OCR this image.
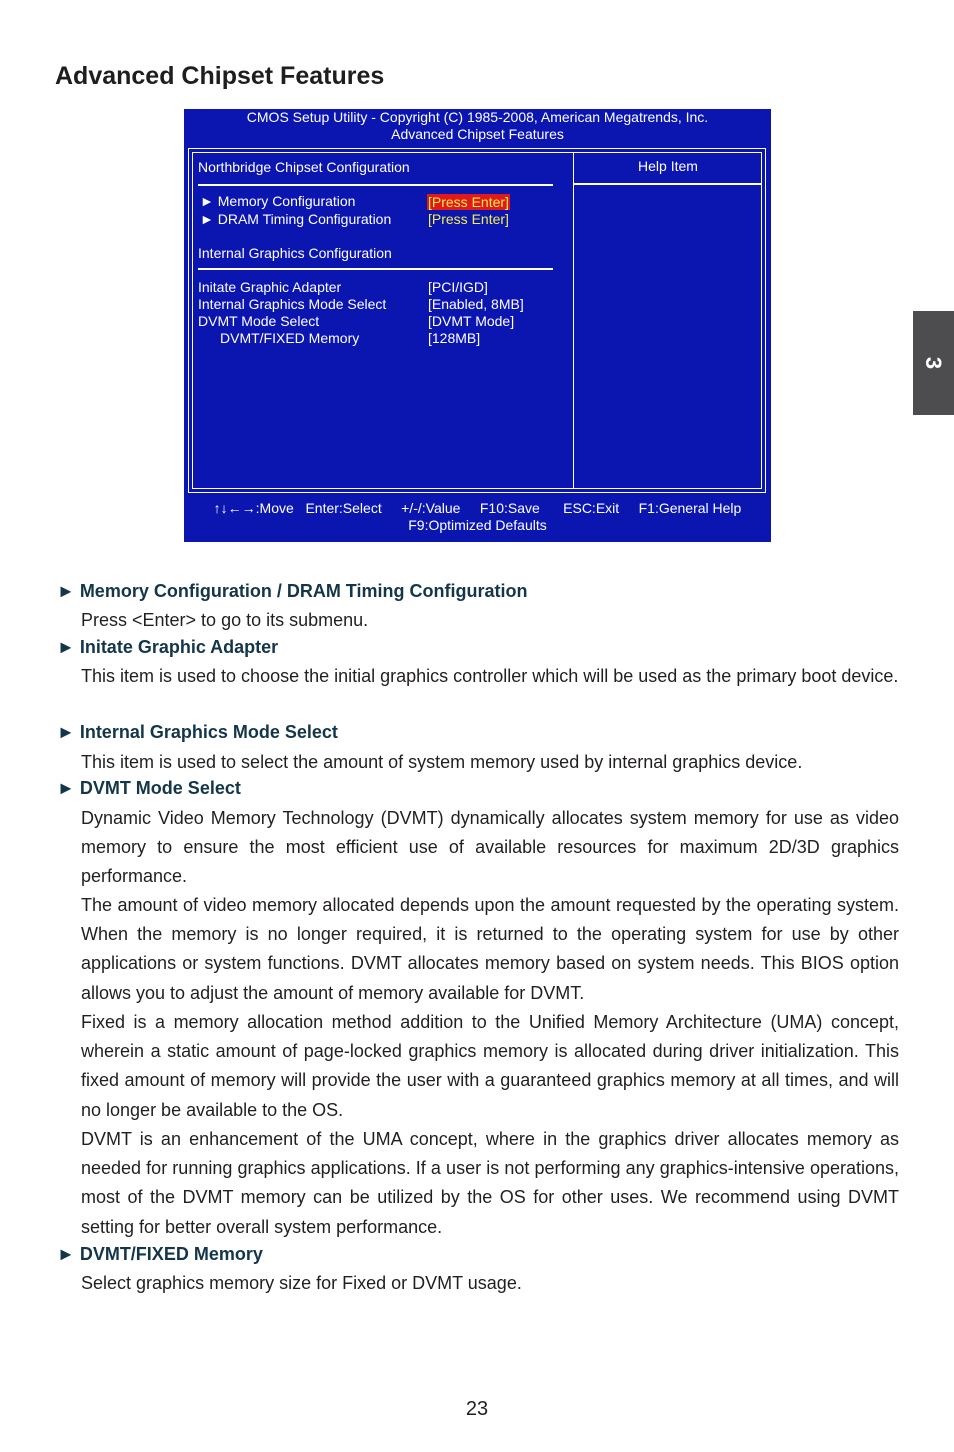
Advanced Chipset Features
3
CMOS Setup Utility - Copyright (C) 1985-2008, American Megatrends, Inc.
Advanced Chipset Features
Help Item
Northbridge Chipset Configuration
► Memory Configuration	[Press Enter]
► DRAM Timing Configuration	[Press Enter]
Internal Graphics Configuration
Initate Graphic Adapter	[PCI/IGD]
Internal Graphics Mode Select	[Enabled, 8MB]
DVMT Mode Select	[DVMT Mode]
DVMT/FIXED Memory	[128MB]
↑↓←→:Move   Enter:Select     +/-/:Value     F10:Save      ESC:Exit     F1:General Help
F9:Optimized Defaults
► Memory Configuration / DRAM Timing Configuration
Press <Enter> to go to its submenu.
► Initate Graphic Adapter
This item is used to choose the initial graphics controller which will be used as the primary boot device.
► Internal Graphics Mode Select
This item is used to select the amount of system memory used by internal graphics device.
► DVMT Mode Select
Dynamic Video Memory Technology (DVMT) dynamically allocates system memory for use as video memory to ensure the most efficient use of available resources for maximum 2D/3D graphics performance.
The amount of video memory allocated depends upon the amount requested by the operating system. When the memory is no longer required, it is returned to the operating system for use by other applications or system functions. DVMT allocates memory based on system needs. This BIOS option allows you to adjust the amount of memory available for DVMT.
Fixed is a memory allocation method addition to the Unified Memory Architecture (UMA) concept, wherein a static amount of page-locked graphics memory is allocated during driver initialization. This fixed amount of memory will provide the user with a guaranteed graphics memory at all times, and will no longer be available to the OS.
DVMT is an enhancement of the UMA concept, where in the graphics driver allocates memory as needed for running graphics applications. If a user is not performing any graphics-intensive operations, most of the DVMT memory can be utilized by the OS for other uses. We recommend using DVMT setting for better overall system performance.
► DVMT/FIXED Memory
Select graphics memory size for Fixed or DVMT usage.
23
